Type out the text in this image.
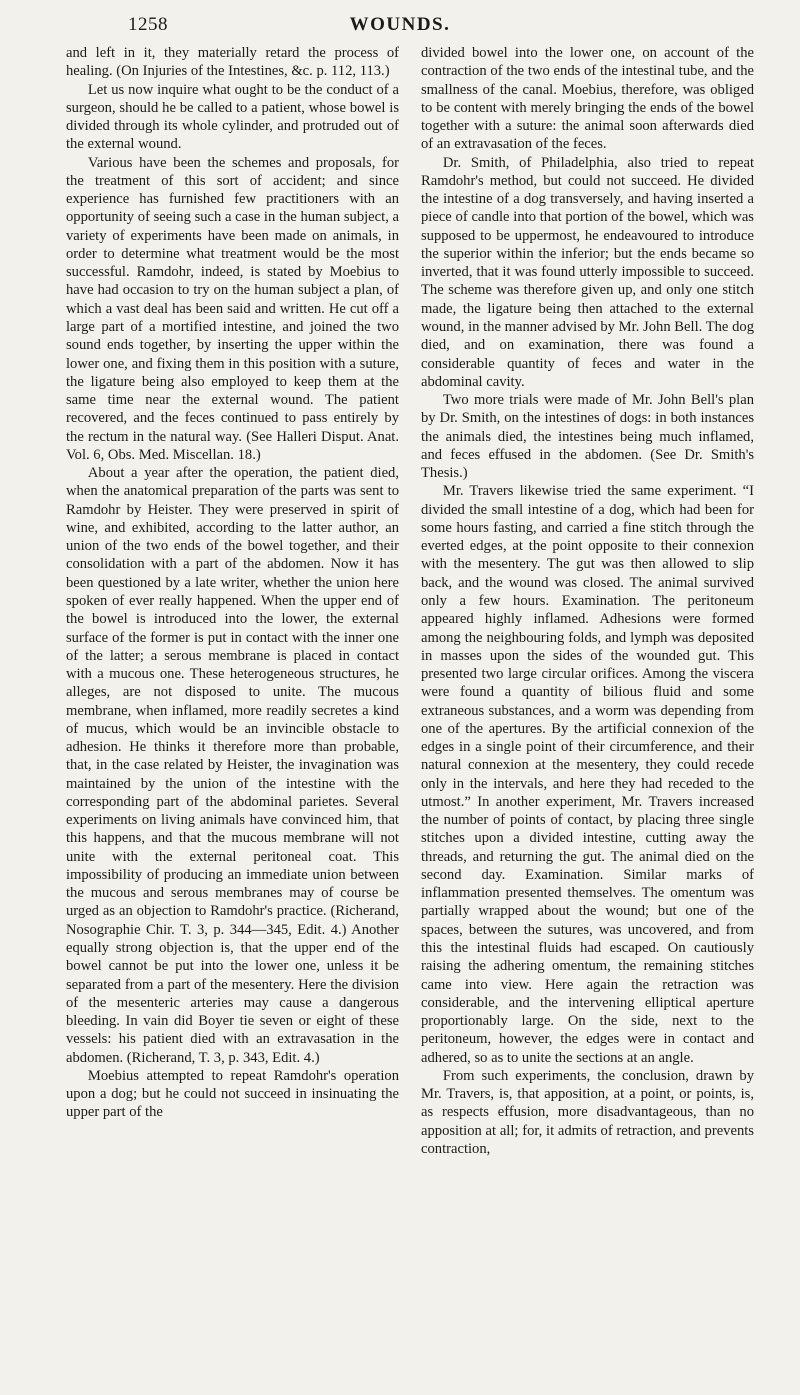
1258	WOUNDS.

and left in it, they materially retard the process of healing. (On Injuries of the Intestines, &c. p. 112, 113.)

Let us now inquire what ought to be the conduct of a surgeon, should he be called to a patient, whose bowel is divided through its whole cylinder, and protruded out of the external wound.

Various have been the schemes and proposals, for the treatment of this sort of accident; and since experience has furnished few practitioners with an opportunity of seeing such a case in the human subject, a variety of experiments have been made on animals, in order to determine what treatment would be the most successful. Ramdohr, indeed, is stated by Moebius to have had occasion to try on the human subject a plan, of which a vast deal has been said and written. He cut off a large part of a mortified intestine, and joined the two sound ends together, by inserting the upper within the lower one, and fixing them in this position with a suture, the ligature being also employed to keep them at the same time near the external wound. The patient recovered, and the feces continued to pass entirely by the rectum in the natural way. (See Halleri Disput. Anat. Vol. 6, Obs. Med. Miscellan. 18.)

About a year after the operation, the patient died, when the anatomical preparation of the parts was sent to Ramdohr by Heister. They were preserved in spirit of wine, and exhibited, according to the latter author, an union of the two ends of the bowel together, and their consolidation with a part of the abdomen. Now it has been questioned by a late writer, whether the union here spoken of ever really happened. When the upper end of the bowel is introduced into the lower, the external surface of the former is put in contact with the inner one of the latter; a serous membrane is placed in contact with a mucous one. These heterogeneous structures, he alleges, are not disposed to unite. The mucous membrane, when inflamed, more readily secretes a kind of mucus, which would be an invincible obstacle to adhesion. He thinks it therefore more than probable, that, in the case related by Heister, the invagination was maintained by the union of the intestine with the corresponding part of the abdominal parietes. Several experiments on living animals have convinced him, that this happens, and that the mucous membrane will not unite with the external peritoneal coat. This impossibility of producing an immediate union between the mucous and serous membranes may of course be urged as an objection to Ramdohr's practice. (Richerand, Nosographie Chir. T. 3, p. 344—345, Edit. 4.) Another equally strong objection is, that the upper end of the bowel cannot be put into the lower one, unless it be separated from a part of the mesentery. Here the division of the mesenteric arteries may cause a dangerous bleeding. In vain did Boyer tie seven or eight of these vessels: his patient died with an extravasation in the abdomen. (Richerand, T. 3, p. 343, Edit. 4.)

Moebius attempted to repeat Ramdohr's operation upon a dog; but he could not succeed in insinuating the upper part of the

divided bowel into the lower one, on account of the contraction of the two ends of the intestinal tube, and the smallness of the canal. Moebius, therefore, was obliged to be content with merely bringing the ends of the bowel together with a suture: the animal soon afterwards died of an extravasation of the feces.

Dr. Smith, of Philadelphia, also tried to repeat Ramdohr's method, but could not succeed. He divided the intestine of a dog transversely, and having inserted a piece of candle into that portion of the bowel, which was supposed to be uppermost, he endeavoured to introduce the superior within the inferior; but the ends became so inverted, that it was found utterly impossible to succeed. The scheme was therefore given up, and only one stitch made, the ligature being then attached to the external wound, in the manner advised by Mr. John Bell. The dog died, and on examination, there was found a considerable quantity of feces and water in the abdominal cavity.

Two more trials were made of Mr. John Bell's plan by Dr. Smith, on the intestines of dogs: in both instances the animals died, the intestines being much inflamed, and feces effused in the abdomen. (See Dr. Smith's Thesis.)

Mr. Travers likewise tried the same experiment. “I divided the small intestine of a dog, which had been for some hours fasting, and carried a fine stitch through the everted edges, at the point opposite to their connexion with the mesentery. The gut was then allowed to slip back, and the wound was closed. The animal survived only a few hours. Examination. The peritoneum appeared highly inflamed. Adhesions were formed among the neighbouring folds, and lymph was deposited in masses upon the sides of the wounded gut. This presented two large circular orifices. Among the viscera were found a quantity of bilious fluid and some extraneous substances, and a worm was depending from one of the apertures. By the artificial connexion of the edges in a single point of their circumference, and their natural connexion at the mesentery, they could recede only in the intervals, and here they had receded to the utmost.” In another experiment, Mr. Travers increased the number of points of contact, by placing three single stitches upon a divided intestine, cutting away the threads, and returning the gut. The animal died on the second day. Examination. Similar marks of inflammation presented themselves. The omentum was partially wrapped about the wound; but one of the spaces, between the sutures, was uncovered, and from this the intestinal fluids had escaped. On cautiously raising the adhering omentum, the remaining stitches came into view. Here again the retraction was considerable, and the intervening elliptical aperture proportionably large. On the side, next to the peritoneum, however, the edges were in contact and adhered, so as to unite the sections at an angle.

From such experiments, the conclusion, drawn by Mr. Travers, is, that apposition, at a point, or points, is, as respects effusion, more disadvantageous, than no apposition at all; for, it admits of retraction, and prevents contraction,
